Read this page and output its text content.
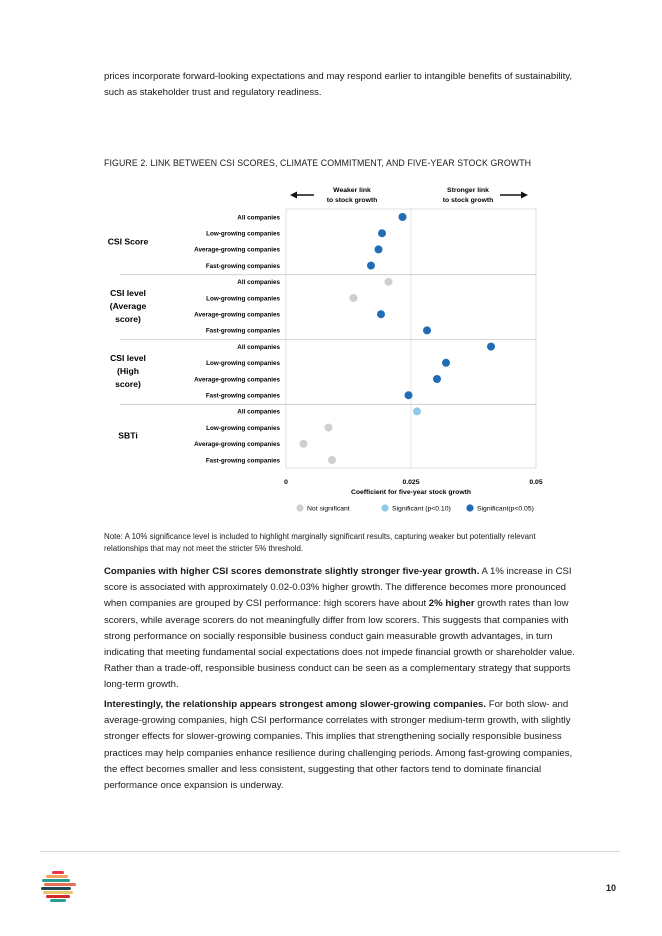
prices incorporate forward-looking expectations and may respond earlier to intangible benefits of sustainability, such as stakeholder trust and regulatory readiness.

FIGURE 2. LINK BETWEEN CSI SCORES, CLIMATE COMMITMENT, AND FIVE-YEAR STOCK GROWTH

Weaker link
to stock growth
Stronger link
to stock growth
Coefficient for five-year stock growth
All companies
Low-growing companies
Average-growing companies
Fast-growing companies
All companies
Low-growing companies
Average-growing companies
Fast-growing companies
All companies
Low-growing companies
Average-growing companies
Fast-growing companies
All companies
Low-growing companies
Average-growing companies
Fast-growing companies
CSI Score
CSI level
(Average
score)
CSI level
(High
score)
SBTi
0	0.025	0.05
Not significant	Significant (p<0.10)	Significant(p<0.05)

Note: A 10% significance level is included to highlight marginally significant results, capturing weaker but potentially relevant relationships that may not meet the stricter 5% threshold.

Companies with higher CSI scores demonstrate slightly stronger five-year growth. A 1% increase in CSI score is associated with approximately 0.02-0.03% higher growth. The difference becomes more pronounced when companies are grouped by CSI performance: high scorers have about 2% higher growth rates than low scorers, while average scorers do not meaningfully differ from low scorers. This suggests that companies with strong performance on socially responsible business conduct gain measurable growth advantages, in turn indicating that meeting fundamental social expectations does not impede financial growth or shareholder value. Rather than a trade-off, responsible business conduct can be seen as a complementary strategy that supports long-term growth.

Interestingly, the relationship appears strongest among slower-growing companies. For both slow- and average-growing companies, high CSI performance correlates with stronger medium-term growth, with slightly stronger effects for slower-growing companies. This implies that strengthening socially responsible business practices may help companies enhance resilience during challenging periods. Among fast-growing companies, the effect becomes smaller and less consistent, suggesting that other factors tend to dominate financial performance once expansion is underway.

10
